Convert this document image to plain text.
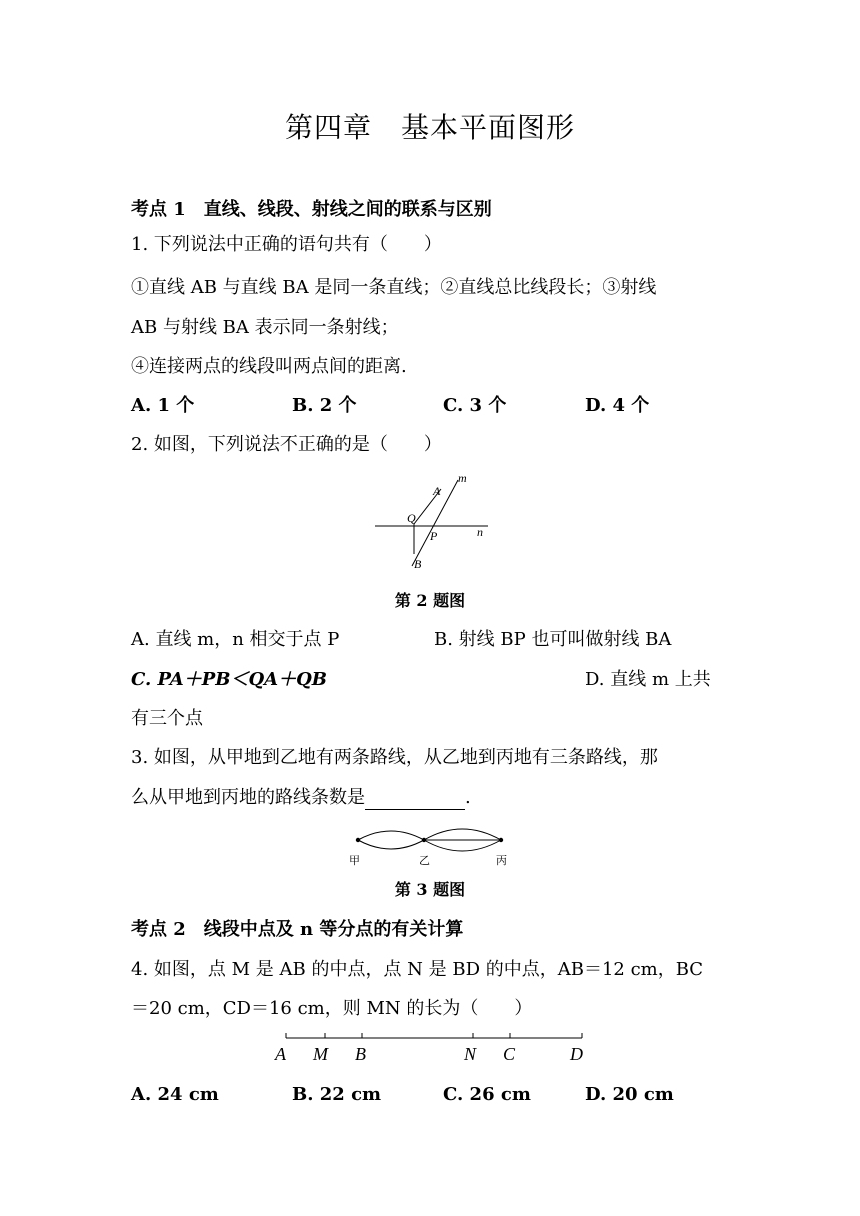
第四章　基本平面图形
考点 1　直线、线段、射线之间的联系与区别
1. 下列说法中正确的语句共有（　　）
①直线 AB 与直线 BA 是同一条直线；②直线总比线段长；③射线
AB 与射线 BA 表示同一条射线；
④连接两点的线段叫两点间的距离.
A. 1 个	B. 2 个	C. 3 个	D. 4 个
2. 如图，下列说法不正确的是（　　）
m
A
Q
P	n
B
第 2 题图
A. 直线 m，n 相交于点 P	B. 射线 BP 也可叫做射线 BA
C. PA＋PB＜QA＋QB	D. 直线 m 上共
有三个点
3. 如图，从甲地到乙地有两条路线，从乙地到丙地有三条路线，那
么从甲地到丙地的路线条数是	.
甲	乙	丙
第 3 题图
考点 2　线段中点及 n 等分点的有关计算
4. 如图，点 M 是 AB 的中点，点 N 是 BD 的中点，AB＝12 cm，BC
＝20 cm，CD＝16 cm，则 MN 的长为（　　）
A M B	N C	D
A. 24 cm	B. 22 cm	C. 26 cm	D. 20 cm
